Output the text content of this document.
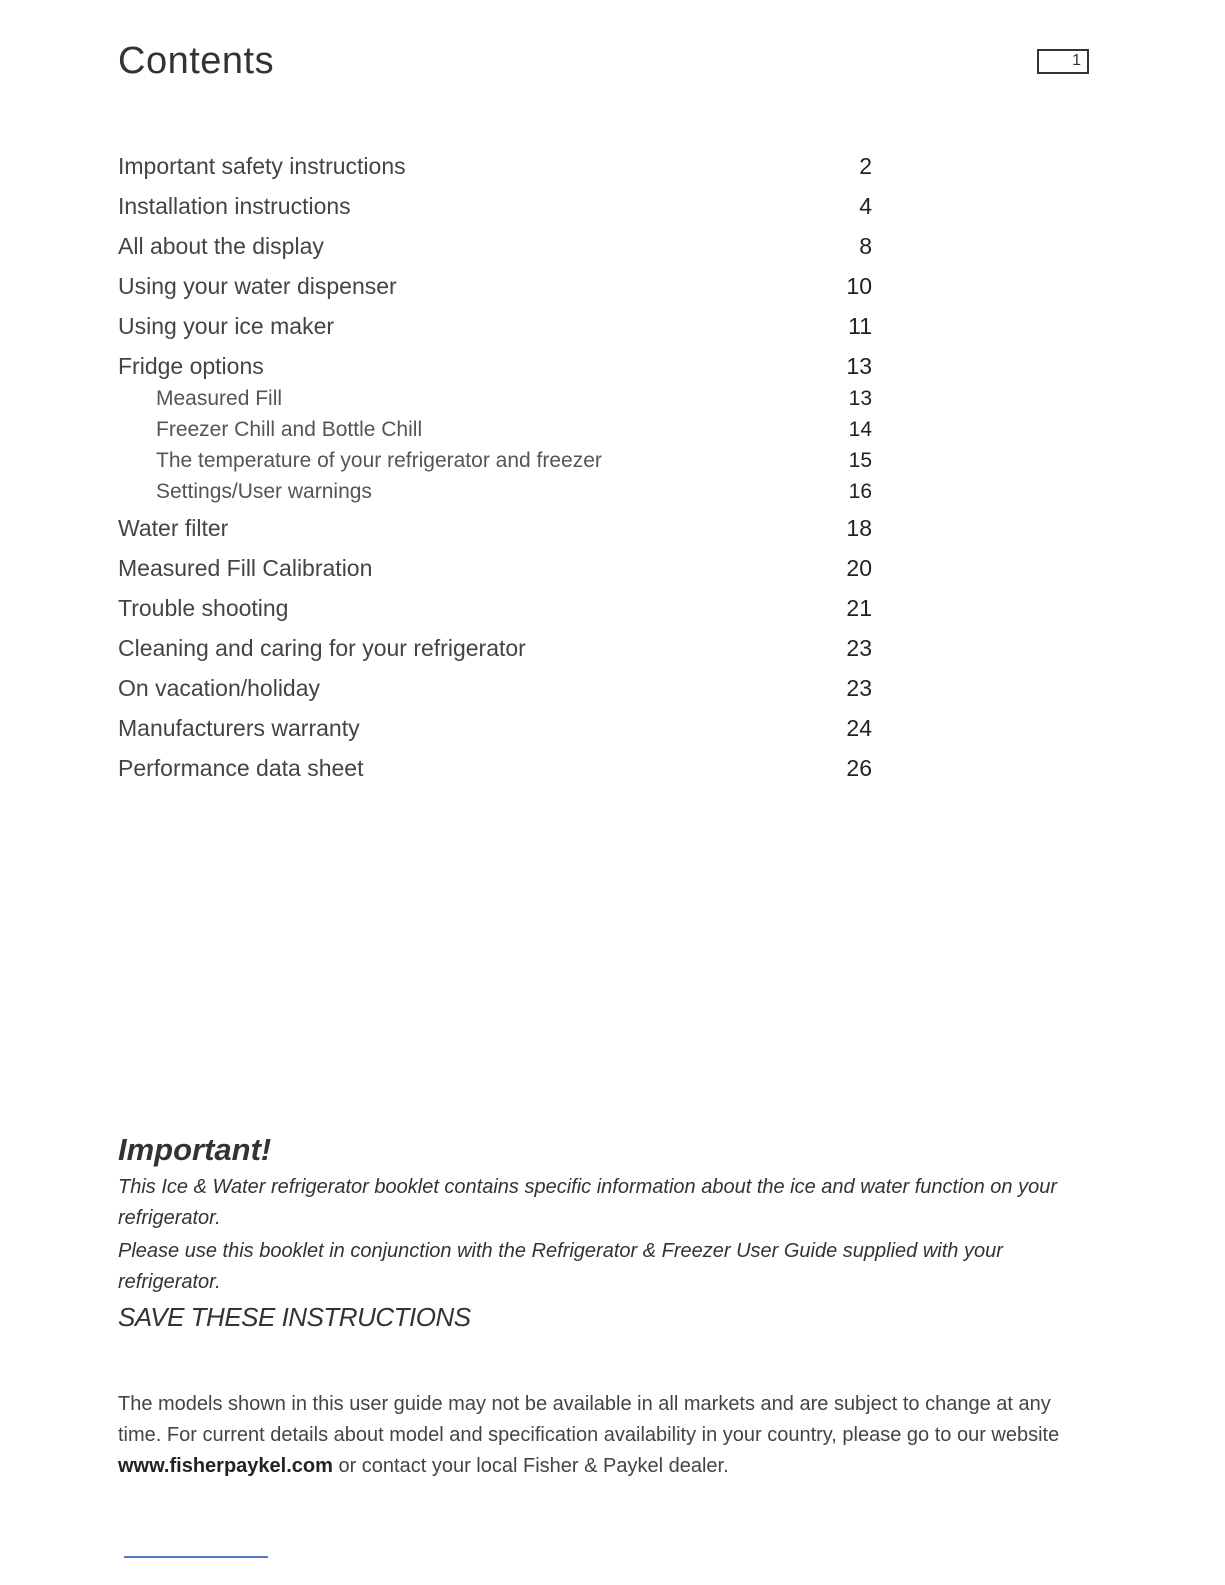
Contents	1
Important safety instructions	2
Installation instructions	4
All about the display	8
Using your water dispenser	10
Using your ice maker	11
Fridge options	13
Measured Fill	13
Freezer Chill and Bottle Chill	14
The temperature of your refrigerator and freezer	15
Settings/User warnings	16
Water filter	18
Measured Fill Calibration	20
Trouble shooting	21
Cleaning and caring for your refrigerator	23
On vacation/holiday	23
Manufacturers warranty	24
Performance data sheet	26
Important!
This Ice & Water refrigerator booklet contains specific information about the ice and water function on your refrigerator.
Please use this booklet in conjunction with the Refrigerator & Freezer User Guide supplied with your refrigerator.
SAVE THESE INSTRUCTIONS
The models shown in this user guide may not be available in all markets and are subject to change at any time. For current details about model and specification availability in your country, please go to our website www.fisherpaykel.com or contact your local Fisher & Paykel dealer.
